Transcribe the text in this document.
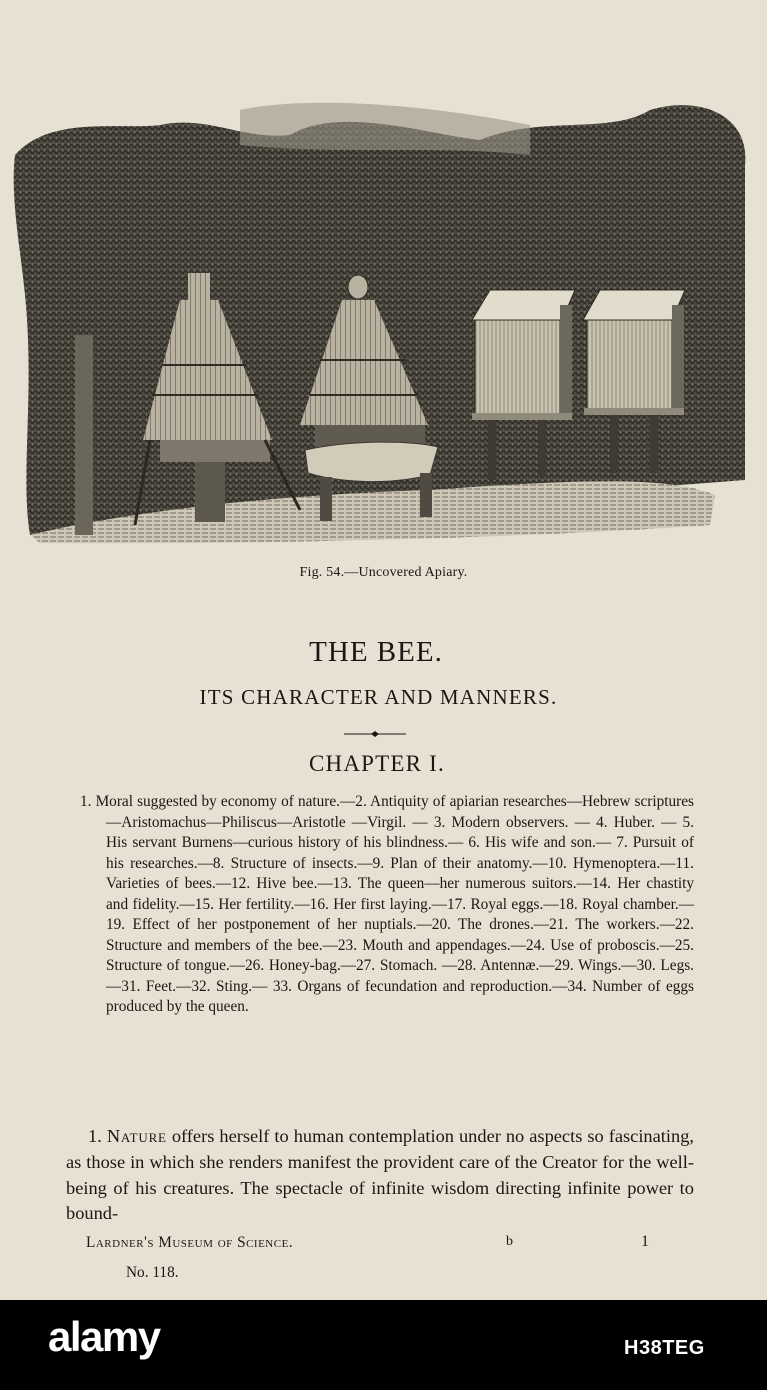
Fig. 54.—Uncovered Apiary.
THE BEE.
ITS CHARACTER AND MANNERS.
CHAPTER I.

1. Moral suggested by economy of nature.—2. Antiquity of apiarian researches—Hebrew scriptures—Aristomachus—Philiscus—Aristotle —Virgil. — 3. Modern observers. — 4. Huber. — 5. His servant Burnens—curious history of his blindness.— 6. His wife and son.— 7. Pursuit of his researches.—8. Structure of insects.—9. Plan of their anatomy.—10. Hymenoptera.—11. Varieties of bees.—12. Hive bee.—13. The queen—her numerous suitors.—14. Her chastity and fidelity.—15. Her fertility.—16. Her first laying.—17. Royal eggs.—18. Royal chamber.—19. Effect of her postponement of her nuptials.—20. The drones.—21. The workers.—22. Structure and members of the bee.—23. Mouth and appendages.—24. Use of proboscis.—25. Structure of tongue.—26. Honey-bag.—27. Stomach. —28. Antennæ.—29. Wings.—30. Legs.—31. Feet.—32. Sting.— 33. Organs of fecundation and reproduction.—34. Number of eggs produced by the queen.

1. Nature offers herself to human contemplation under no aspects so fascinating, as those in which she renders manifest the provident care of the Creator for the well-being of his creatures. The spectacle of infinite wisdom directing infinite power to bound-

Lardner's Museum of Science.	b	1
No. 118.
alamy	H38TEG
